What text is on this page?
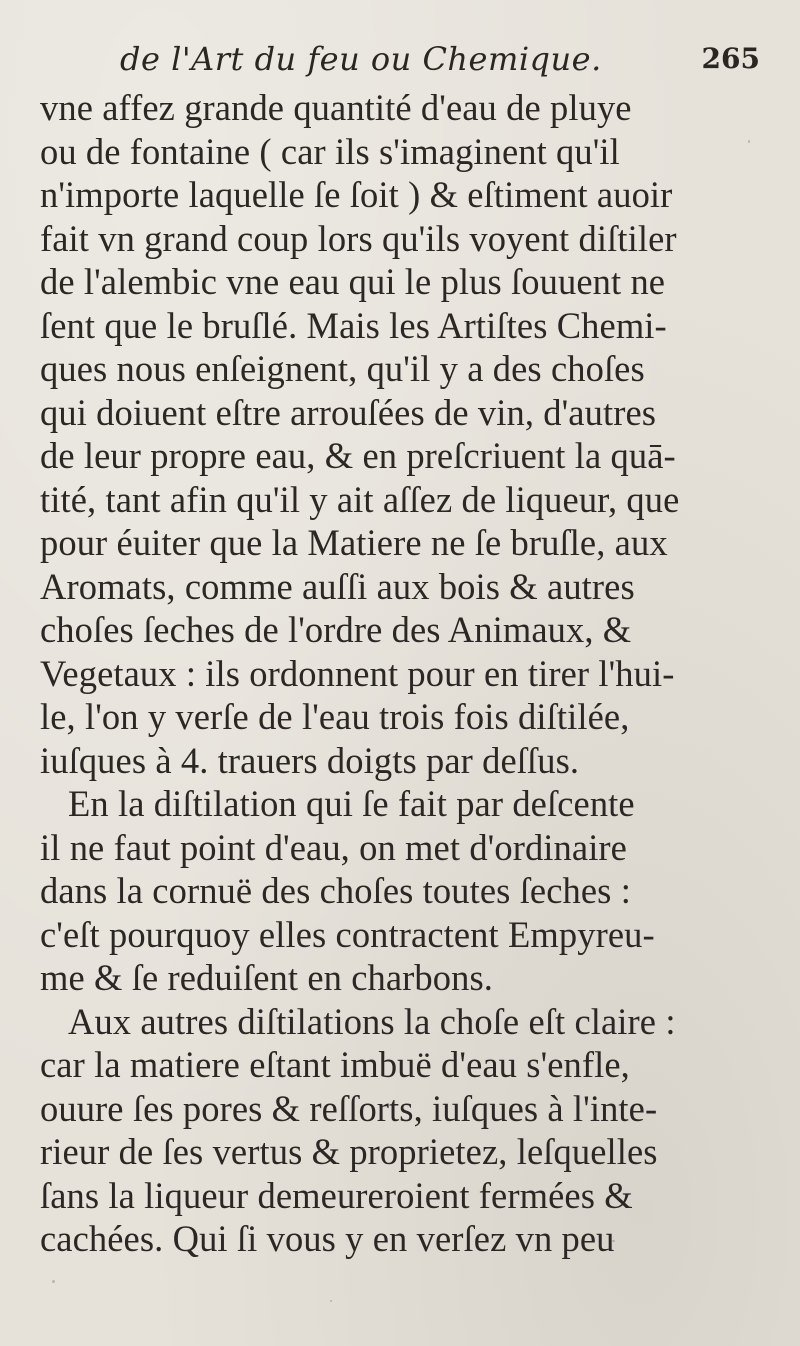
de l'Art du feu ou Chemique.	265
vne affez grande quantité d'eau de pluye
ou de fontaine ( car ils s'imaginent qu'il
n'importe laquelle ſe ſoit ) & eſtiment auoir
fait vn grand coup lors qu'ils voyent diſtiler
de l'alembic vne eau qui le plus ſouuent ne
ſent que le bruſlé. Mais les Artiſtes Chemi-
ques nous enſeignent, qu'il y a des choſes
qui doiuent eſtre arrouſées de vin, d'autres
de leur propre eau, & en preſcriuent la quā-
tité, tant afin qu'il y ait aſſez de liqueur, que
pour éuiter que la Matiere ne ſe bruſle, aux
Aromats, comme auſſi aux bois & autres
choſes ſeches de l'ordre des Animaux, &
Vegetaux : ils ordonnent pour en tirer l'hui-
le, l'on y verſe de l'eau trois fois diſtilée,
iuſques à 4. trauers doigts par deſſus.
En la diſtilation qui ſe fait par deſcente
il ne faut point d'eau, on met d'ordinaire
dans la cornuë des choſes toutes ſeches :
c'eſt pourquoy elles contractent Empyreu-
me & ſe reduiſent en charbons.
Aux autres diſtilations la choſe eſt claire :
car la matiere eſtant imbuë d'eau s'enfle,
ouure ſes pores & reſſorts, iuſques à l'inte-
rieur de ſes vertus & proprietez, leſquelles
ſans la liqueur demeureroient fermées &
cachées. Qui ſi vous y en verſez vn peu
